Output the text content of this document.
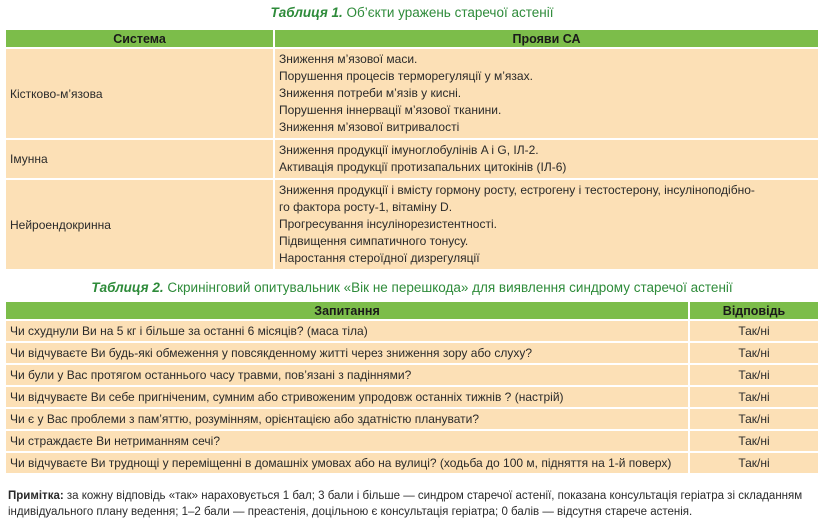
Таблиця 1. Об’єкти уражень старечої астенії
Система	Прояви СА
Кістково-м’язова	Зниження м’язової маси.
Порушення процесів терморегуляції у м’язах.
Зниження потреби м’язів у кисні.
Порушення іннервації м’язової тканини.
Зниження м’язової витривалості

Імунна	Зниження продукції імуноглобулінів A і G, ІЛ-2.
Активація продукції протизапальних цитокінів (ІЛ-6)

Нейроендокринна	Зниження продукції і вмісту гормону росту, естрогену і тестостерону, інсуліноподібно-
го фактора росту-1, вітаміну D.
Прогресування інсулінорезистентності.
Підвищення симпатичного тонусу.
Наростання стероїдної дизрегуляції
Таблиця 2. Скринінговий опитувальник «Вік не перешкода» для виявлення синдрому старечої астенії
Запитання	Відповідь
Чи схуднули Ви на 5 кг і більше за останні 6 місяців? (маса тіла)	Так/ні
Чи відчуваєте Ви будь-які обмеження у повсякденному житті через зниження зору або слуху?	Так/ні
Чи були у Вас протягом останнього часу травми, пов’язані з падіннями?	Так/ні
Чи відчуваєте Ви себе пригніченим, сумним або стривоженим упродовж останніх тижнів ? (настрій)	Так/ні
Чи є у Вас проблеми з пам’яттю, розумінням, орієнтацією або здатністю планувати?	Так/ні
Чи страждаєте Ви нетриманням сечі?	Так/ні
Чи відчуваєте Ви труднощі у переміщенні в домашніх умовах або на вулиці? (ходьба до 100 м, підняття на 1-й поверх)	Так/ні
Примітка: за кожну відповідь «так» нараховується 1 бал; 3 бали і більше — синдром старечої астенії, показана консультація геріатра зі складанням
індивідуального плану ведення; 1–2 бали — преастенія, доцільною є консультація геріатра; 0 балів — відсутня старече астенія.
